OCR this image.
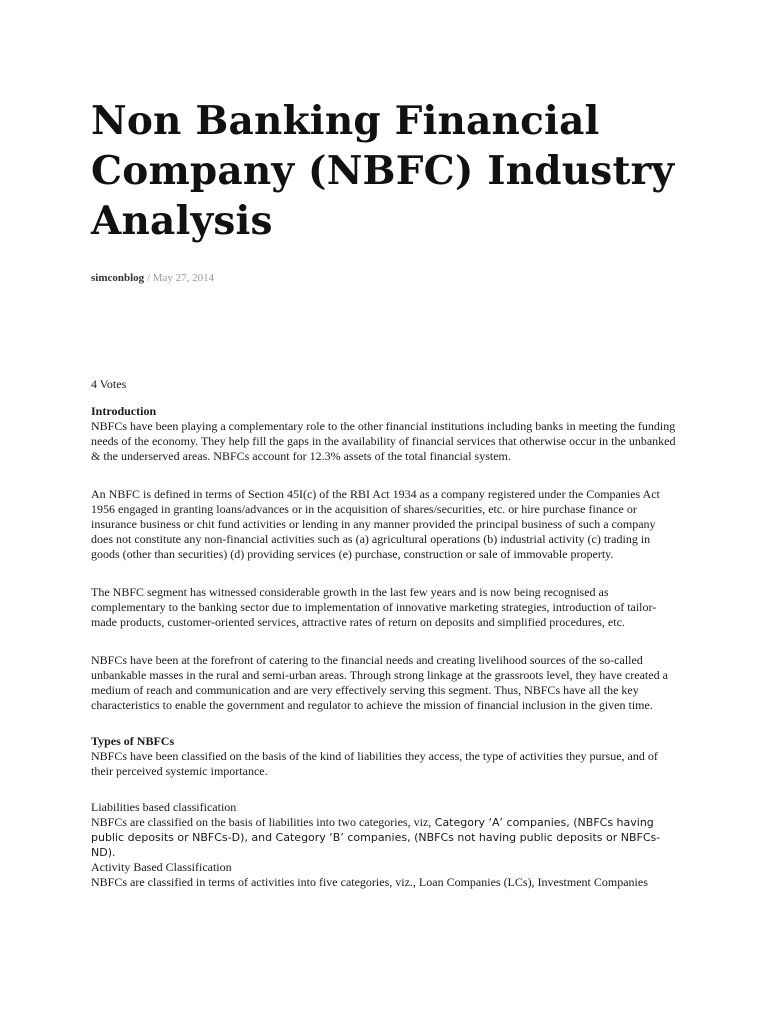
Non Banking Financial Company (NBFC) Industry Analysis
simconblog / May 27, 2014

4 Votes

Introduction

NBFCs have been playing a complementary role to the other financial institutions including banks in meeting the funding needs of the economy. They help fill the gaps in the availability of financial services that otherwise occur in the unbanked & the underserved areas. NBFCs account for 12.3% assets of the total financial system.

An NBFC is defined in terms of Section 45I(c) of the RBI Act 1934 as a company registered under the Companies Act 1956 engaged in granting loans/advances or in the acquisition of shares/securities, etc. or hire purchase finance or insurance business or chit fund activities or lending in any manner provided the principal business of such a company does not constitute any non-financial activities such as (a) agricultural operations (b) industrial activity (c) trading in goods (other than securities) (d) providing services (e) purchase, construction or sale of immovable property.

The NBFC segment has witnessed considerable growth in the last few years and is now being recognised as complementary to the banking sector due to implementation of innovative marketing strategies, introduction of tailor-made products, customer-oriented services, attractive rates of return on deposits and simplified procedures, etc.

NBFCs have been at the forefront of catering to the financial needs and creating livelihood sources of the so-called unbankable masses in the rural and semi-urban areas. Through strong linkage at the grassroots level, they have created a medium of reach and communication and are very effectively serving this segment. Thus, NBFCs have all the key characteristics to enable the government and regulator to achieve the mission of financial inclusion in the given time.

Types of NBFCs

NBFCs have been classified on the basis of the kind of liabilities they access, the type of activities they pursue, and of their perceived systemic importance.

Liabilities based classification

NBFCs are classified on the basis of liabilities into two categories, viz, Category ‘A’ companies, (NBFCs having public deposits or NBFCs-D), and Category ‘B’ companies, (NBFCs not having public deposits or NBFCs-ND).

Activity Based Classification

NBFCs are classified in terms of activities into five categories, viz., Loan Companies (LCs), Investment Companies
